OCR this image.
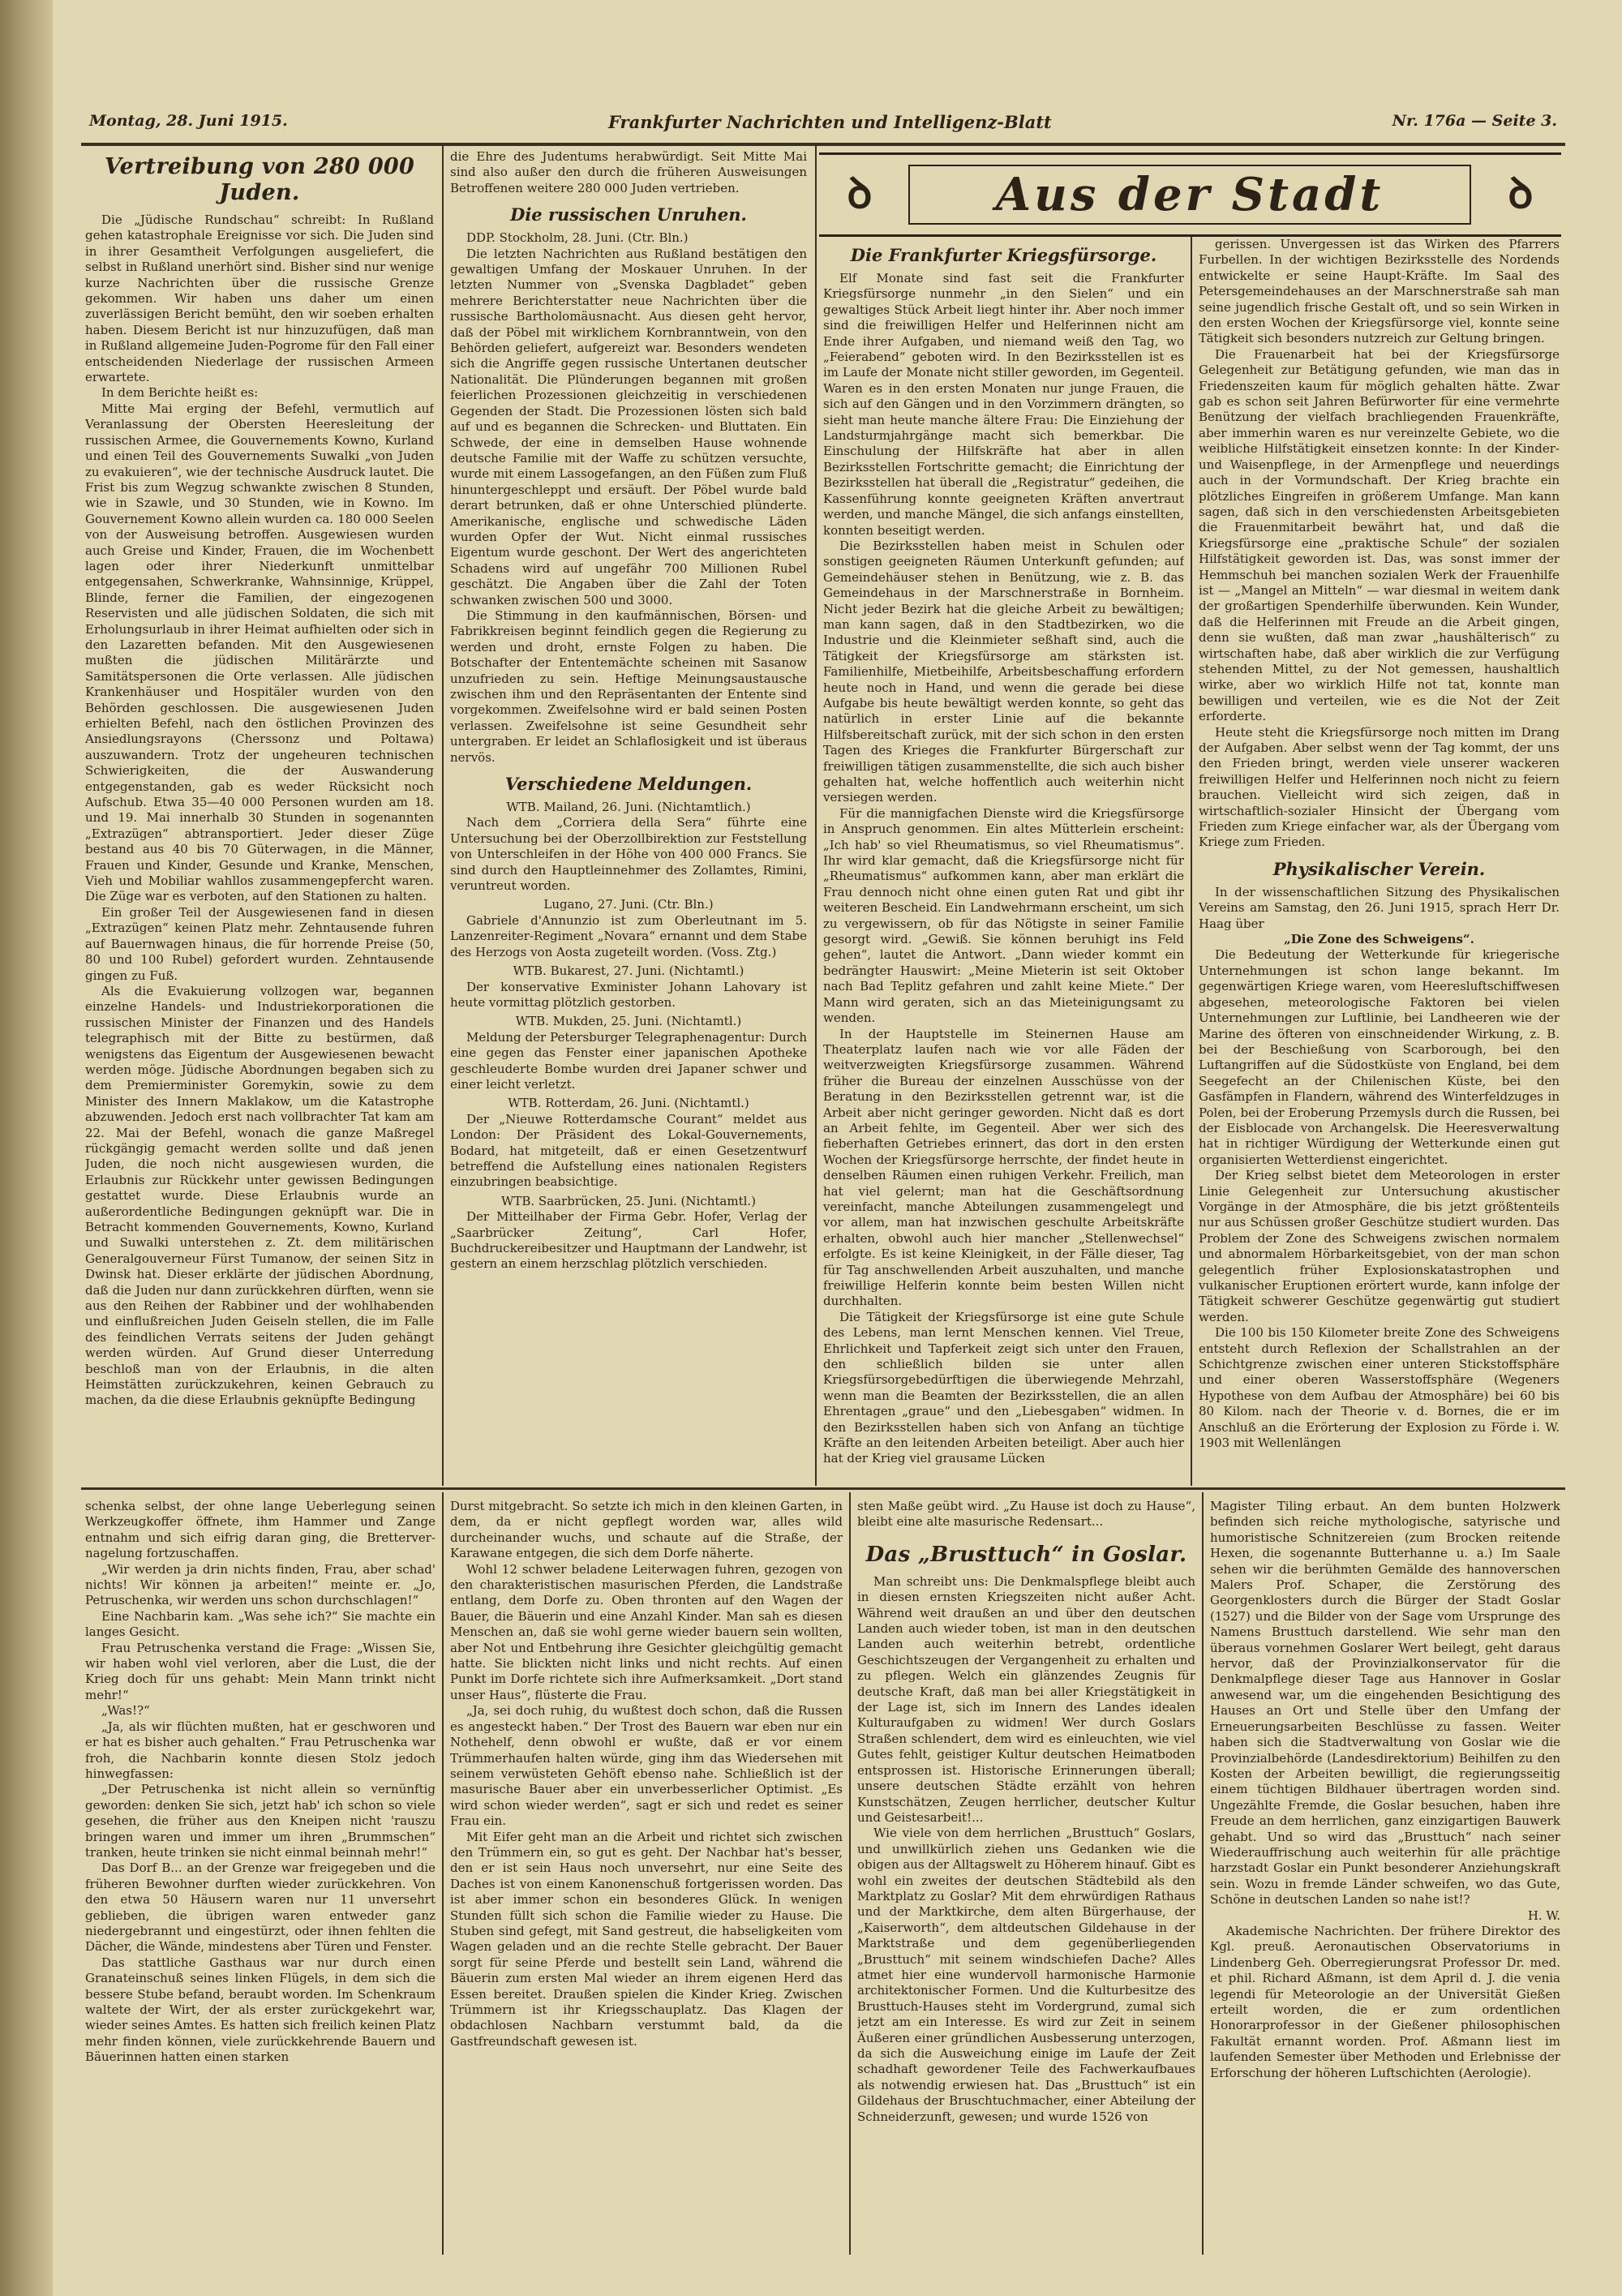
Montag, 28. Juni 1915.	Frankfurter Nachrichten und Intelligenz-Blatt	Nr. 176a — Seite 3.
ꝺ	Aus der Stadt	ꝺ
Vertreibung von 280 000 Juden.

Die „Jüdische Rundschau“ schreibt: In Rußland gehen katastrophale Ereignisse vor sich. Die Juden sind in ihrer Gesamtheit Verfolgungen ausgeliefert, die selbst in Rußland unerhört sind. Bisher sind nur wenige kurze Nachrichten über die russische Grenze gekommen. Wir haben uns daher um einen zuverlässigen Bericht bemüht, den wir soeben erhalten haben. Diesem Bericht ist nur hinzuzufügen, daß man in Rußland allgemeine Juden-Pogrome für den Fall einer entscheidenden Niederlage der russischen Armeen erwartete.

In dem Berichte heißt es:

Mitte Mai erging der Befehl, vermutlich auf Veranlassung der Obersten Heeresleitung der russischen Armee, die Gouvernements Kowno, Kurland und einen Teil des Gouvernements Suwalki „von Juden zu evakuieren“, wie der technische Ausdruck lautet. Die Frist bis zum Wegzug schwankte zwischen 8 Stunden, wie in Szawle, und 30 Stunden, wie in Kowno. Im Gouvernement Kowno allein wurden ca. 180 000 Seelen von der Ausweisung betroffen. Ausgewiesen wurden auch Greise und Kinder, Frauen, die im Wochenbett lagen oder ihrer Niederkunft unmittelbar entgegensahen, Schwerkranke, Wahnsinnige, Krüppel, Blinde, ferner die Familien, der eingezogenen Reservisten und alle jüdischen Soldaten, die sich mit Erholungsurlaub in ihrer Heimat aufhielten oder sich in den Lazaretten befanden. Mit den Ausgewiesenen mußten die jüdischen Militärärzte und Samitätspersonen die Orte verlassen. Alle jüdischen Krankenhäuser und Hospitäler wurden von den Behörden geschlossen. Die ausgewiesenen Juden erhielten Befehl, nach den östlichen Provinzen des Ansiedlungsrayons (Cherssonz und Poltawa) auszuwandern. Trotz der ungeheuren technischen Schwierigkeiten, die der Auswanderung entgegenstanden, gab es weder Rücksicht noch Aufschub. Etwa 35—40 000 Personen wurden am 18. und 19. Mai innerhalb 30 Stunden in sogenannten „Extrazügen“ abtransportiert. Jeder dieser Züge bestand aus 40 bis 70 Güterwagen, in die Männer, Frauen und Kinder, Gesunde und Kranke, Menschen, Vieh und Mobiliar wahllos zusammengepfercht waren. Die Züge war es verboten, auf den Stationen zu halten.

Ein großer Teil der Ausgewiesenen fand in diesen „Extrazügen“ keinen Platz mehr. Zehntausende fuhren auf Bauernwagen hinaus, die für horrende Preise (50, 80 und 100 Rubel) gefordert wurden. Zehntausende gingen zu Fuß.

Als die Evakuierung vollzogen war, begannen einzelne Handels- und Industriekorporationen die russischen Minister der Finanzen und des Handels telegraphisch mit der Bitte zu bestürmen, daß wenigstens das Eigentum der Ausgewiesenen bewacht werden möge. Jüdische Abordnungen begaben sich zu dem Premierminister Goremykin, sowie zu dem Minister des Innern Maklakow, um die Katastrophe abzuwenden. Jedoch erst nach vollbrachter Tat kam am 22. Mai der Befehl, wonach die ganze Maßregel rückgängig gemacht werden sollte und daß jenen Juden, die noch nicht ausgewiesen wurden, die Erlaubnis zur Rückkehr unter gewissen Bedingungen gestattet wurde. Diese Erlaubnis wurde an außerordentliche Bedingungen geknüpft war. Die in Betracht kommenden Gouvernements, Kowno, Kurland und Suwalki unterstehen z. Zt. dem militärischen Generalgouverneur Fürst Tumanow, der seinen Sitz in Dwinsk hat. Dieser erklärte der jüdischen Abordnung, daß die Juden nur dann zurückkehren dürften, wenn sie aus den Reihen der Rabbiner und der wohlhabenden und einflußreichen Juden Geiseln stellen, die im Falle des feindlichen Verrats seitens der Juden gehängt werden würden. Auf Grund dieser Unterredung beschloß man von der Erlaubnis, in die alten Heimstätten zurückzukehren, keinen Gebrauch zu machen, da die diese Erlaubnis geknüpfte Bedingung

die Ehre des Judentums herabwürdigt. Seit Mitte Mai sind also außer den durch die früheren Ausweisungen Betroffenen weitere 280 000 Juden vertrieben.

Die russischen Unruhen.

DDP. Stockholm, 28. Juni. (Ctr. Bln.)

Die letzten Nachrichten aus Rußland bestätigen den gewaltigen Umfang der Moskauer Unruhen. In der letzten Nummer von „Svenska Dagbladet“ geben mehrere Berichterstatter neue Nachrichten über die russische Bartholomäusnacht. Aus diesen geht hervor, daß der Pöbel mit wirklichem Kornbranntwein, von den Behörden geliefert, aufgereizt war. Besonders wendeten sich die Angriffe gegen russische Untertanen deutscher Nationalität. Die Plünderungen begannen mit großen feierlichen Prozessionen gleichzeitig in verschiedenen Gegenden der Stadt. Die Prozessionen lösten sich bald auf und es begannen die Schrecken- und Bluttaten. Ein Schwede, der eine in demselben Hause wohnende deutsche Familie mit der Waffe zu schützen versuchte, wurde mit einem Lassogefangen, an den Füßen zum Fluß hinuntergeschleppt und ersäuft. Der Pöbel wurde bald derart betrunken, daß er ohne Unterschied plünderte. Amerikanische, englische und schwedische Läden wurden Opfer der Wut. Nicht einmal russisches Eigentum wurde geschont. Der Wert des angerichteten Schadens wird auf ungefähr 700 Millionen Rubel geschätzt. Die Angaben über die Zahl der Toten schwanken zwischen 500 und 3000.

Die Stimmung in den kaufmännischen, Börsen- und Fabrikkreisen beginnt feindlich gegen die Regierung zu werden und droht, ernste Folgen zu haben. Die Botschafter der Ententemächte scheinen mit Sasanow unzufrieden zu sein. Heftige Meinungsaustausche zwischen ihm und den Repräsentanten der Entente sind vorgekommen. Zweifelsohne wird er bald seinen Posten verlassen. Zweifelsohne ist seine Gesundheit sehr untergraben. Er leidet an Schlaflosigkeit und ist überaus nervös.

Verschiedene Meldungen.

WTB. Mailand, 26. Juni. (Nichtamtlich.)

Nach dem „Corriera della Sera“ führte eine Untersuchung bei der Oberzollbirektion zur Feststellung von Unterschleifen in der Höhe von 400 000 Francs. Sie sind durch den Hauptleinnehmer des Zollamtes, Rimini, veruntreut worden.

Lugano, 27. Juni. (Ctr. Bln.)

Gabriele d'Annunzio ist zum Oberleutnant im 5. Lanzenreiter-Regiment „Novara“ ernannt und dem Stabe des Herzogs von Aosta zugeteilt worden. (Voss. Ztg.)

WTB. Bukarest, 27. Juni. (Nichtamtl.)

Der konservative Exminister Johann Lahovary ist heute vormittag plötzlich gestorben.

WTB. Mukden, 25. Juni. (Nichtamtl.)

Meldung der Petersburger Telegraphenagentur: Durch eine gegen das Fenster einer japanischen Apotheke geschleuderte Bombe wurden drei Japaner schwer und einer leicht verletzt.

WTB. Rotterdam, 26. Juni. (Nichtamtl.)

Der „Nieuwe Rotterdamsche Courant“ meldet aus London: Der Präsident des Lokal-Gouvernements, Bodard, hat mitgeteilt, daß er einen Gesetzentwurf betreffend die Aufstellung eines nationalen Registers einzubringen beabsichtige.

WTB. Saarbrücken, 25. Juni. (Nichtamtl.)

Der Mitteilhaber der Firma Gebr. Hofer, Verlag der „Saarbrücker Zeitung“, Carl Hofer, Buchdruckereibesitzer und Hauptmann der Landwehr, ist gestern an einem herzschlag plötzlich verschieden.

Die Frankfurter Kriegsfürsorge.

Elf Monate sind fast seit die Frankfurter Kriegsfürsorge nunmehr „in den Sielen“ und ein gewaltiges Stück Arbeit liegt hinter ihr. Aber noch immer sind die freiwilligen Helfer und Helferinnen nicht am Ende ihrer Aufgaben, und niemand weiß den Tag, wo „Feierabend“ geboten wird. In den Bezirksstellen ist es im Laufe der Monate nicht stiller geworden, im Gegenteil. Waren es in den ersten Monaten nur junge Frauen, die sich auf den Gängen und in den Vorzimmern drängten, so sieht man heute manche ältere Frau: Die Einziehung der Landsturmjahrgänge macht sich bemerkbar. Die Einschulung der Hilfskräfte hat aber in allen Bezirksstellen Fortschritte gemacht; die Einrichtung der Bezirksstellen hat überall die „Registratur“ gedeihen, die Kassenführung konnte geeigneten Kräften anvertraut werden, und manche Mängel, die sich anfangs einstellten, konnten beseitigt werden.

Die Bezirksstellen haben meist in Schulen oder sonstigen geeigneten Räumen Unterkunft gefunden; auf Gemeindehäuser stehen in Benützung, wie z. B. das Gemeindehaus in der Marschnerstraße in Bornheim. Nicht jeder Bezirk hat die gleiche Arbeit zu bewältigen; man kann sagen, daß in den Stadtbezirken, wo die Industrie und die Kleinmieter seßhaft sind, auch die Tätigkeit der Kriegsfürsorge am stärksten ist. Familienhilfe, Mietbeihilfe, Arbeitsbeschaffung erfordern heute noch in Hand, und wenn die gerade bei diese Aufgabe bis heute bewältigt werden konnte, so geht das natürlich in erster Linie auf die bekannte Hilfsbereitschaft zurück, mit der sich schon in den ersten Tagen des Krieges die Frankfurter Bürgerschaft zur freiwilligen tätigen zusammenstellte, die sich auch bisher gehalten hat, welche hoffentlich auch weiterhin nicht versiegen werden.

Für die mannigfachen Dienste wird die Kriegsfürsorge in Anspruch genommen. Ein altes Mütterlein erscheint: „Ich hab' so viel Rheumatismus, so viel Rheumatismus“. Ihr wird klar gemacht, daß die Kriegsfürsorge nicht für „Rheumatismus“ aufkommen kann, aber man erklärt die Frau dennoch nicht ohne einen guten Rat und gibt ihr weiteren Bescheid. Ein Landwehrmann erscheint, um sich zu vergewissern, ob für das Nötigste in seiner Familie gesorgt wird. „Gewiß. Sie können beruhigt ins Feld gehen“, lautet die Antwort. „Dann wieder kommt ein bedrängter Hauswirt: „Meine Mieterin ist seit Oktober nach Bad Teplitz gefahren und zahlt keine Miete.“ Der Mann wird geraten, sich an das Mieteinigungsamt zu wenden.

In der Hauptstelle im Steinernen Hause am Theaterplatz laufen nach wie vor alle Fäden der weitverzweigten Kriegsfürsorge zusammen. Während früher die Bureau der einzelnen Ausschüsse von der Beratung in den Bezirksstellen getrennt war, ist die Arbeit aber nicht geringer geworden. Nicht daß es dort an Arbeit fehlte, im Gegenteil. Aber wer sich des fieberhaften Getriebes erinnert, das dort in den ersten Wochen der Kriegsfürsorge herrschte, der findet heute in denselben Räumen einen ruhigen Verkehr. Freilich, man hat viel gelernt; man hat die Geschäftsordnung vereinfacht, manche Abteilungen zusammengelegt und vor allem, man hat inzwischen geschulte Arbeitskräfte erhalten, obwohl auch hier mancher „Stellenwechsel“ erfolgte. Es ist keine Kleinigkeit, in der Fälle dieser, Tag für Tag anschwellenden Arbeit auszuhalten, und manche freiwillige Helferin konnte beim besten Willen nicht durchhalten.

Die Tätigkeit der Kriegsfürsorge ist eine gute Schule des Lebens, man lernt Menschen kennen. Viel Treue, Ehrlichkeit und Tapferkeit zeigt sich unter den Frauen, den schließlich bilden sie unter allen Kriegsfürsorgebedürftigen die überwiegende Mehrzahl, wenn man die Beamten der Bezirksstellen, die an allen Ehrentagen „graue“ und den „Liebesgaben“ widmen. In den Bezirksstellen haben sich von Anfang an tüchtige Kräfte an den leitenden Arbeiten beteiligt. Aber auch hier hat der Krieg viel grausame Lücken

gerissen. Unvergessen ist das Wirken des Pfarrers Furbellen. In der wichtigen Bezirksstelle des Nordends entwickelte er seine Haupt-Kräfte. Im Saal des Petersgemeindehauses an der Marschnerstraße sah man seine jugendlich frische Gestalt oft, und so sein Wirken in den ersten Wochen der Kriegsfürsorge viel, konnte seine Tätigkeit sich besonders nutzreich zur Geltung bringen.

Die Frauenarbeit hat bei der Kriegsfürsorge Gelegenheit zur Betätigung gefunden, wie man das in Friedenszeiten kaum für möglich gehalten hätte. Zwar gab es schon seit Jahren Befürworter für eine vermehrte Benützung der vielfach brachliegenden Frauenkräfte, aber immerhin waren es nur vereinzelte Gebiete, wo die weibliche Hilfstätigkeit einsetzen konnte: In der Kinder- und Waisenpflege, in der Armenpflege und neuerdings auch in der Vormundschaft. Der Krieg brachte ein plötzliches Eingreifen in größerem Umfange. Man kann sagen, daß sich in den verschiedensten Arbeitsgebieten die Frauenmitarbeit bewährt hat, und daß die Kriegsfürsorge eine „praktische Schule“ der sozialen Hilfstätigkeit geworden ist. Das, was sonst immer der Hemmschuh bei manchen sozialen Werk der Frauenhilfe ist — „Mangel an Mitteln“ — war diesmal in weitem dank der großartigen Spenderhilfe überwunden. Kein Wunder, daß die Helferinnen mit Freude an die Arbeit gingen, denn sie wußten, daß man zwar „haushälterisch“ zu wirtschaften habe, daß aber wirklich die zur Verfügung stehenden Mittel, zu der Not gemessen, haushaltlich wirke, aber wo wirklich Hilfe not tat, konnte man bewilligen und verteilen, wie es die Not der Zeit erforderte.

Heute steht die Kriegsfürsorge noch mitten im Drang der Aufgaben. Aber selbst wenn der Tag kommt, der uns den Frieden bringt, werden viele unserer wackeren freiwilligen Helfer und Helferinnen noch nicht zu feiern brauchen. Vielleicht wird sich zeigen, daß in wirtschaftlich-sozialer Hinsicht der Übergang vom Frieden zum Kriege einfacher war, als der Übergang vom Kriege zum Frieden.

Physikalischer Verein.

In der wissenschaftlichen Sitzung des Physikalischen Vereins am Samstag, den 26. Juni 1915, sprach Herr Dr. Haag über

„Die Zone des Schweigens“.

Die Bedeutung der Wetterkunde für kriegerische Unternehmungen ist schon lange bekannt. Im gegenwärtigen Kriege waren, vom Heeresluftschiffwesen abgesehen, meteorologische Faktoren bei vielen Unternehmungen zur Luftlinie, bei Landheeren wie der Marine des öfteren von einschneidender Wirkung, z. B. bei der Beschießung von Scarborough, bei den Luftangriffen auf die Südostküste von England, bei dem Seegefecht an der Chilenischen Küste, bei den Gasfämpfen in Flandern, während des Winterfeldzuges in Polen, bei der Eroberung Przemysls durch die Russen, bei der Eisblocade von Archangelsk. Die Heeresverwaltung hat in richtiger Würdigung der Wetterkunde einen gut organisierten Wetterdienst eingerichtet.

Der Krieg selbst bietet dem Meteorologen in erster Linie Gelegenheit zur Untersuchung akustischer Vorgänge in der Atmosphäre, die bis jetzt größtenteils nur aus Schüssen großer Geschütze studiert wurden. Das Problem der Zone des Schweigens zwischen normalem und abnormalem Hörbarkeitsgebiet, von der man schon gelegentlich früher Explosionskatastrophen und vulkanischer Eruptionen erörtert wurde, kann infolge der Tätigkeit schwerer Geschütze gegenwärtig gut studiert werden.

Die 100 bis 150 Kilometer breite Zone des Schweigens entsteht durch Reflexion der Schallstrahlen an der Schichtgrenze zwischen einer unteren Stickstoffsphäre und einer oberen Wasserstoffsphäre (Wegeners Hypothese von dem Aufbau der Atmosphäre) bei 60 bis 80 Kilom. nach der Theorie v. d. Bornes, die er im Anschluß an die Erörterung der Explosion zu Förde i. W. 1903 mit Wellenlängen

schenka selbst, der ohne lange Ueberlegung seinen Werkzeugkoffer öffnete, ihm Hammer und Zange entnahm und sich eifrig daran ging, die Bretterver-nagelung fortzuschaffen.

„Wir werden ja drin nichts finden, Frau, aber schad' nichts! Wir können ja arbeiten!“ meinte er. „Jo, Petruschenka, wir werden uns schon durchschlagen!“

Eine Nachbarin kam. „Was sehe ich?“ Sie machte ein langes Gesicht.

Frau Petruschenka verstand die Frage: „Wissen Sie, wir haben wohl viel verloren, aber die Lust, die der Krieg doch für uns gehabt: Mein Mann trinkt nicht mehr!“

„Was!?“

„Ja, als wir flüchten mußten, hat er geschworen und er hat es bisher auch gehalten.“ Frau Petruschenka war froh, die Nachbarin konnte diesen Stolz jedoch hinwegfassen:

„Der Petruschenka ist nicht allein so vernünftig geworden: denken Sie sich, jetzt hab' ich schon so viele gesehen, die früher aus den Kneipen nicht 'rauszu bringen waren und immer um ihren „Brummschen“ tranken, heute trinken sie nicht einmal beinnah mehr!“

Das Dorf B... an der Grenze war freigegeben und die früheren Bewohner durften wieder zurückkehren. Von den etwa 50 Häusern waren nur 11 unversehrt geblieben, die übrigen waren entweder ganz niedergebrannt und eingestürzt, oder ihnen fehlten die Dächer, die Wände, mindestens aber Türen und Fenster.

Das stattliche Gasthaus war nur durch einen Granateinschuß seines linken Flügels, in dem sich die bessere Stube befand, beraubt worden. Im Schenkraum waltete der Wirt, der als erster zurückgekehrt war, wieder seines Amtes. Es hatten sich freilich keinen Platz mehr finden können, viele zurückkehrende Bauern und Bäuerinnen hatten einen starken

Durst mitgebracht. So setzte ich mich in den kleinen Garten, in dem, da er nicht gepflegt worden war, alles wild durcheinander wuchs, und schaute auf die Straße, der Karawane entgegen, die sich dem Dorfe näherte.

Wohl 12 schwer beladene Leiterwagen fuhren, gezogen von den charakteristischen masurischen Pferden, die Landstraße entlang, dem Dorfe zu. Oben thronten auf den Wagen der Bauer, die Bäuerin und eine Anzahl Kinder. Man sah es diesen Menschen an, daß sie wohl gerne wieder bauern sein wollten, aber Not und Entbehrung ihre Gesichter gleichgültig gemacht hatte. Sie blickten nicht links und nicht rechts. Auf einen Punkt im Dorfe richtete sich ihre Aufmerksamkeit. „Dort stand unser Haus“, flüsterte die Frau.

„Ja, sei doch ruhig, du wußtest doch schon, daß die Russen es angesteckt haben.“ Der Trost des Bauern war eben nur ein Nothehelf, denn obwohl er wußte, daß er vor einem Trümmerhaufen halten würde, ging ihm das Wiedersehen mit seinem verwüsteten Gehöft ebenso nahe. Schließlich ist der masurische Bauer aber ein unverbesserlicher Optimist. „Es wird schon wieder werden“, sagt er sich und redet es seiner Frau ein.

Mit Eifer geht man an die Arbeit und richtet sich zwischen den Trümmern ein, so gut es geht. Der Nachbar hat's besser, den er ist sein Haus noch unversehrt, nur eine Seite des Daches ist von einem Kanonenschuß fortgerissen worden. Das ist aber immer schon ein besonderes Glück. In wenigen Stunden füllt sich schon die Familie wieder zu Hause. Die Stuben sind gefegt, mit Sand gestreut, die habseligkeiten vom Wagen geladen und an die rechte Stelle gebracht. Der Bauer sorgt für seine Pferde und bestellt sein Land, während die Bäuerin zum ersten Mal wieder an ihrem eigenen Herd das Essen bereitet. Draußen spielen die Kinder Krieg. Zwischen Trümmern ist ihr Kriegsschauplatz. Das Klagen der obdachlosen Nachbarn verstummt bald, da die Gastfreundschaft gewesen ist.

sten Maße geübt wird. „Zu Hause ist doch zu Hause“, bleibt eine alte masurische Redensart...

Das „Brusttuch“ in Goslar.

Man schreibt uns: Die Denkmalspflege bleibt auch in diesen ernsten Kriegszeiten nicht außer Acht. Während weit draußen an und über den deutschen Landen auch wieder toben, ist man in den deutschen Landen auch weiterhin betrebt, ordentliche Geschichtszeugen der Vergangenheit zu erhalten und zu pflegen. Welch ein glänzendes Zeugnis für deutsche Kraft, daß man bei aller Kriegstätigkeit in der Lage ist, sich im Innern des Landes idealen Kulturaufgaben zu widmen! Wer durch Goslars Straßen schlendert, dem wird es einleuchten, wie viel Gutes fehlt, geistiger Kultur deutschen Heimatboden entsprossen ist. Historische Erinnerungen überall; unsere deutschen Städte erzählt von hehren Kunstschätzen, Zeugen herrlicher, deutscher Kultur und Geistesarbeit!...

Wie viele von dem herrlichen „Brusttuch“ Goslars, und unwillkürlich ziehen uns Gedanken wie die obigen aus der Alltagswelt zu Höherem hinauf. Gibt es wohl ein zweites der deutschen Städtebild als den Marktplatz zu Goslar? Mit dem ehrwürdigen Rathaus und der Marktkirche, dem alten Bürgerhause, der „Kaiserworth“, dem altdeutschen Gildehause in der Marktstraße und dem gegenüberliegenden „Brusttuch“ mit seinem windschiefen Dache? Alles atmet hier eine wundervoll harmonische Harmonie architektonischer Formen. Und die Kulturbesitze des Brusttuch-Hauses steht im Vordergrund, zumal sich jetzt am ein Interesse. Es wird zur Zeit in seinem Äußeren einer gründlichen Ausbesserung unterzogen, da sich die Ausweichung einige im Laufe der Zeit schadhaft gewordener Teile des Fachwerkaufbaues als notwendig erwiesen hat. Das „Brusttuch“ ist ein Gildehaus der Bruschtuchmacher, einer Abteilung der Schneiderzunft, gewesen; und wurde 1526 von

Magister Tiling erbaut. An dem bunten Holzwerk befinden sich reiche mythologische, satyrische und humoristische Schnitzereien (zum Brocken reitende Hexen, die sogenannte Butterhanne u. a.) Im Saale sehen wir die berühmten Gemälde des hannoverschen Malers Prof. Schaper, die Zerstörung des Georgenklosters durch die Bürger der Stadt Goslar (1527) und die Bilder von der Sage vom Ursprunge des Namens Brusttuch darstellend. Wie sehr man den überaus vornehmen Goslarer Wert beilegt, geht daraus hervor, daß der Provinzialkonservator für die Denkmalpflege dieser Tage aus Hannover in Goslar anwesend war, um die eingehenden Besichtigung des Hauses an Ort und Stelle über den Umfang der Erneuerungsarbeiten Beschlüsse zu fassen. Weiter haben sich die Stadtverwaltung von Goslar wie die Provinzialbehörde (Landesdirektorium) Beihilfen zu den Kosten der Arbeiten bewilligt, die regierungsseitig einem tüchtigen Bildhauer übertragen worden sind. Ungezählte Fremde, die Goslar besuchen, haben ihre Freude an dem herrlichen, ganz einzigartigen Bauwerk gehabt. Und so wird das „Brusttuch“ nach seiner Wiederauffrischung auch weiterhin für alle prächtige harzstadt Goslar ein Punkt besonderer Anziehungskraft sein. Wozu in fremde Länder schweifen, wo das Gute, Schöne in deutschen Landen so nahe ist!?

H. W.

Akademische Nachrichten. Der frühere Direktor des Kgl. preuß. Aeronautischen Observatoriums in Lindenberg Geh. Oberregierungsrat Professor Dr. med. et phil. Richard Aßmann, ist dem April d. J. die venia legendi für Meteorologie an der Universität Gießen erteilt worden, die er zum ordentlichen Honorarprofessor in der Gießener philosophischen Fakultät ernannt worden. Prof. Aßmann liest im laufenden Semester über Methoden und Erlebnisse der Erforschung der höheren Luftschichten (Aerologie).
